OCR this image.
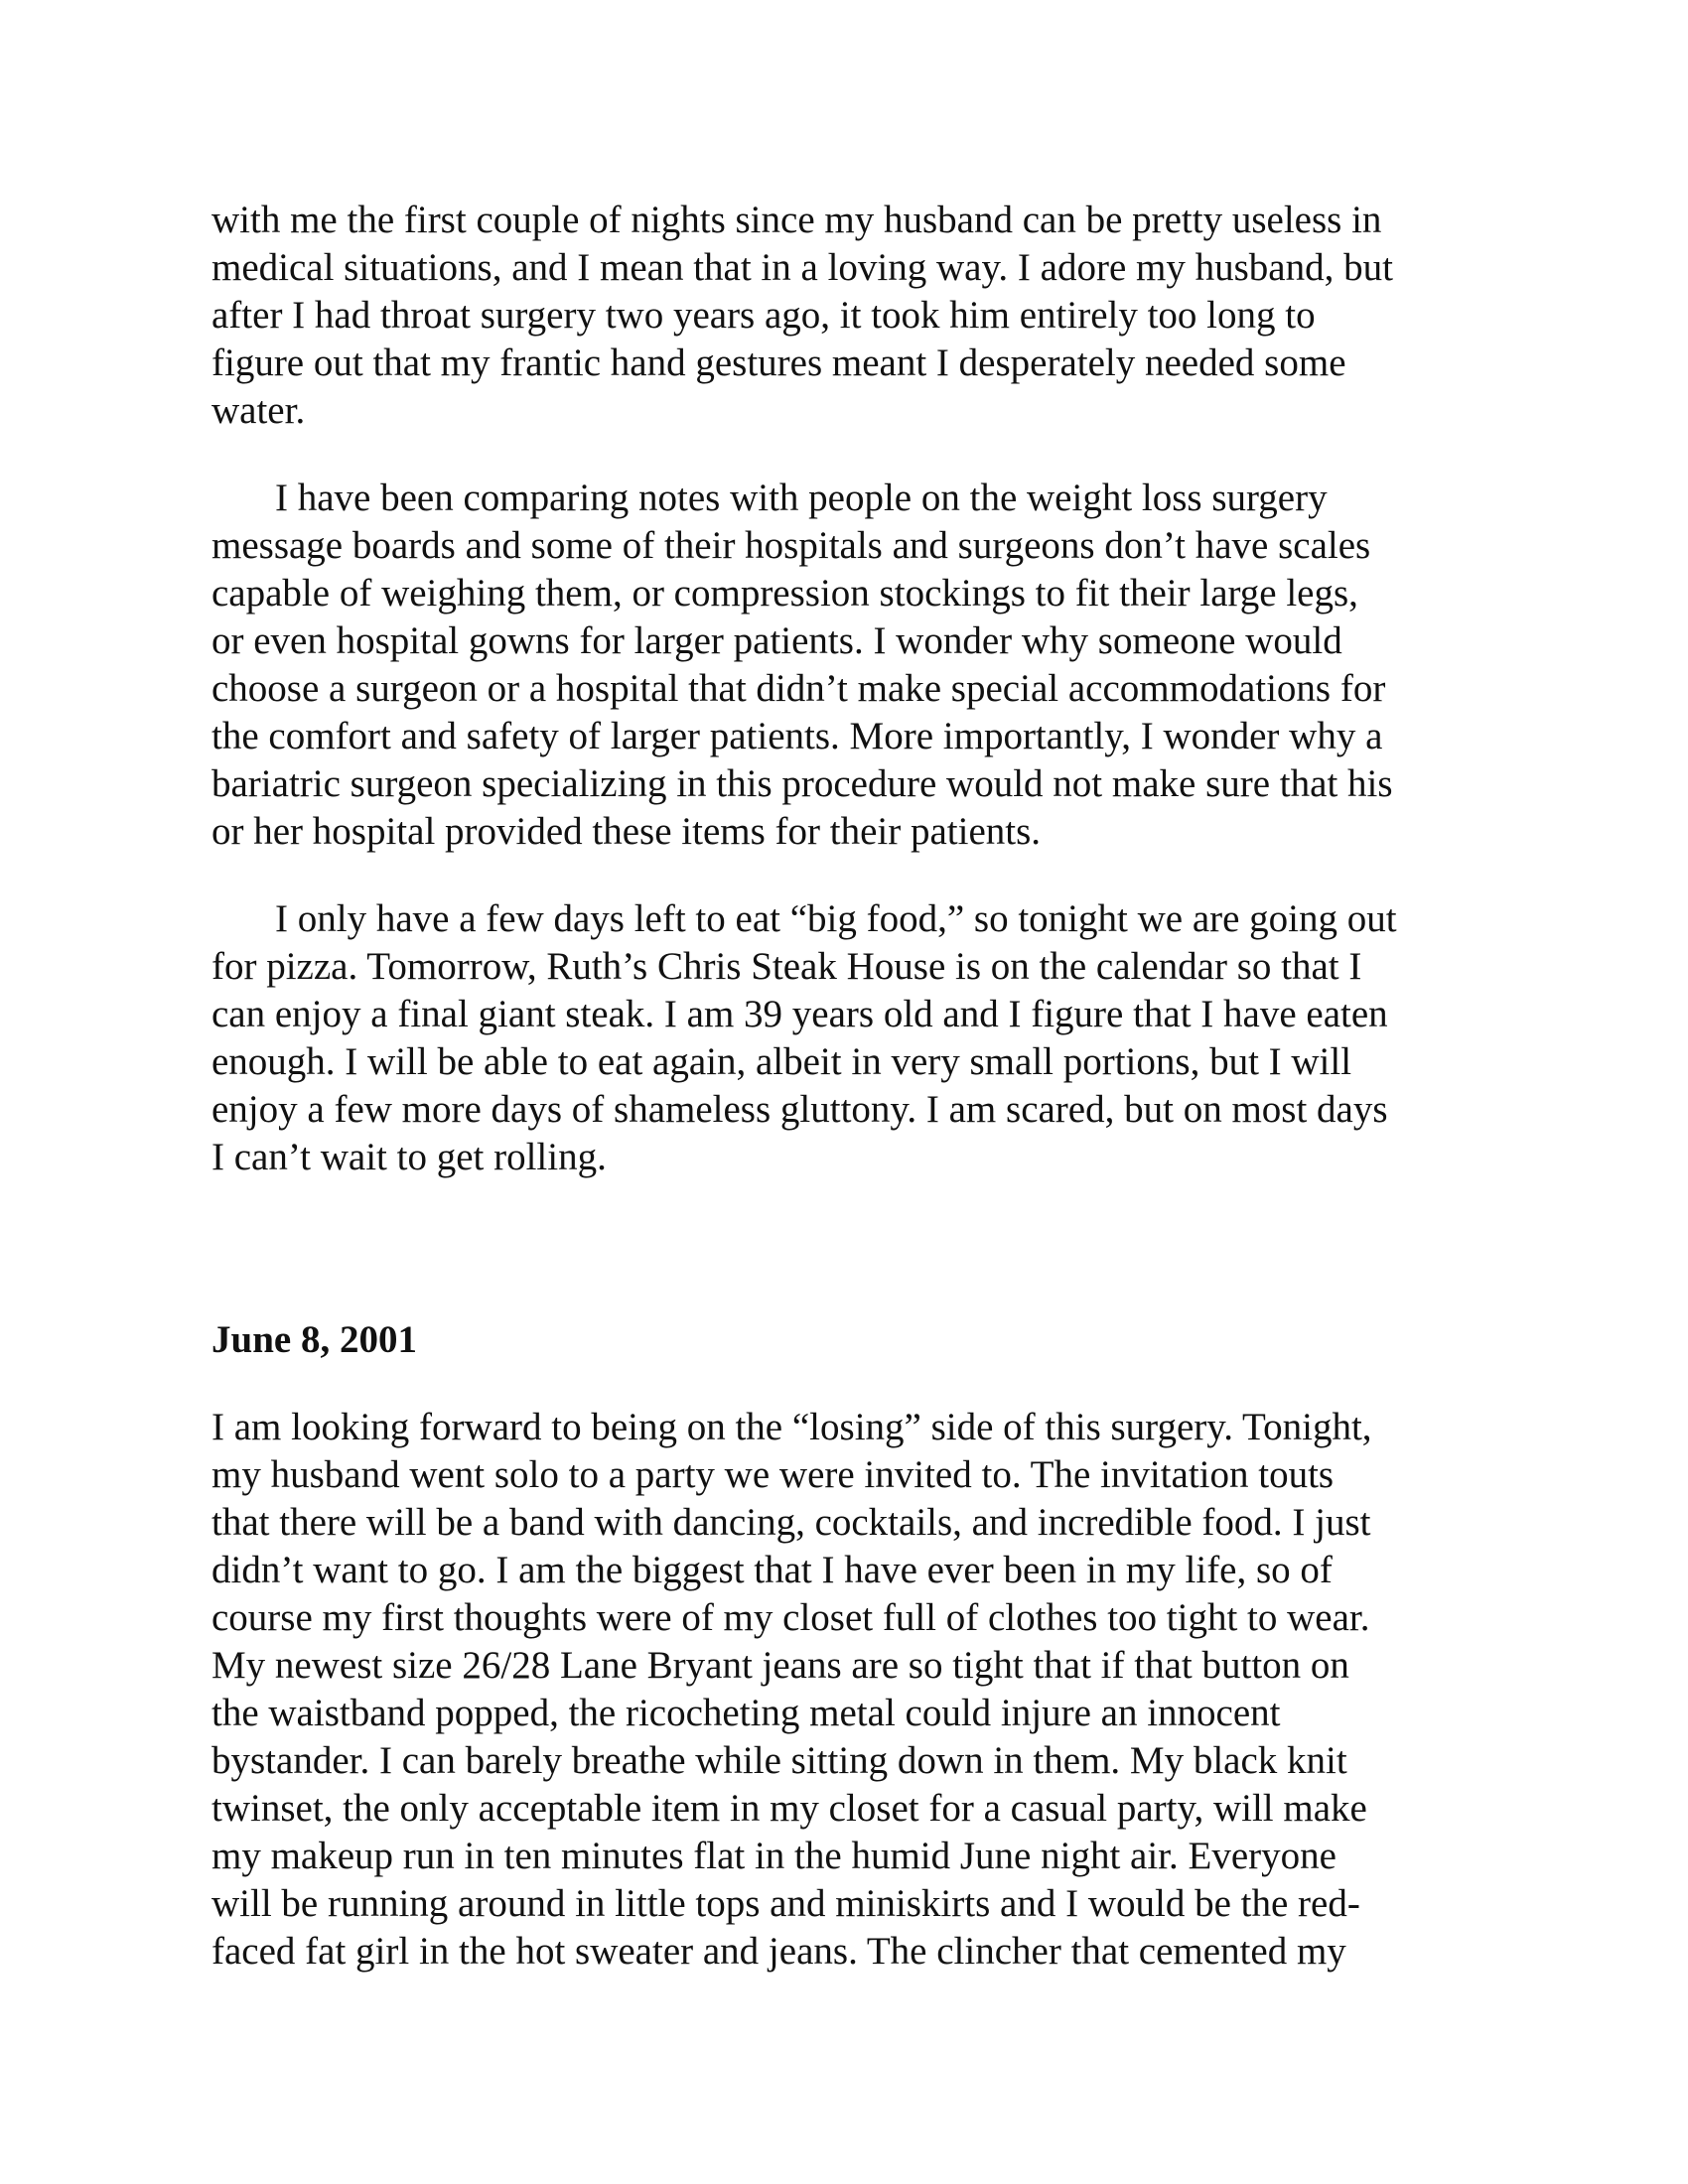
with me the first couple of nights since my husband can be pretty useless in
medical situations, and I mean that in a loving way. I adore my husband, but
after I had throat surgery two years ago, it took him entirely too long to
figure out that my frantic hand gestures meant I desperately needed some
water.
I have been comparing notes with people on the weight loss surgery
message boards and some of their hospitals and surgeons don’t have scales
capable of weighing them, or compression stockings to fit their large legs,
or even hospital gowns for larger patients. I wonder why someone would
choose a surgeon or a hospital that didn’t make special accommodations for
the comfort and safety of larger patients. More importantly, I wonder why a
bariatric surgeon specializing in this procedure would not make sure that his
or her hospital provided these items for their patients.
I only have a few days left to eat “big food,” so tonight we are going out
for pizza. Tomorrow, Ruth’s Chris Steak House is on the calendar so that I
can enjoy a final giant steak. I am 39 years old and I figure that I have eaten
enough. I will be able to eat again, albeit in very small portions, but I will
enjoy a few more days of shameless gluttony. I am scared, but on most days
I can’t wait to get rolling.
June 8, 2001
I am looking forward to being on the “losing” side of this surgery. Tonight,
my husband went solo to a party we were invited to. The invitation touts
that there will be a band with dancing, cocktails, and incredible food. I just
didn’t want to go. I am the biggest that I have ever been in my life, so of
course my first thoughts were of my closet full of clothes too tight to wear.
My newest size 26/28 Lane Bryant jeans are so tight that if that button on
the waistband popped, the ricocheting metal could injure an innocent
bystander. I can barely breathe while sitting down in them. My black knit
twinset, the only acceptable item in my closet for a casual party, will make
my makeup run in ten minutes flat in the humid June night air. Everyone
will be running around in little tops and miniskirts and I would be the red-
faced fat girl in the hot sweater and jeans. The clincher that cemented my
